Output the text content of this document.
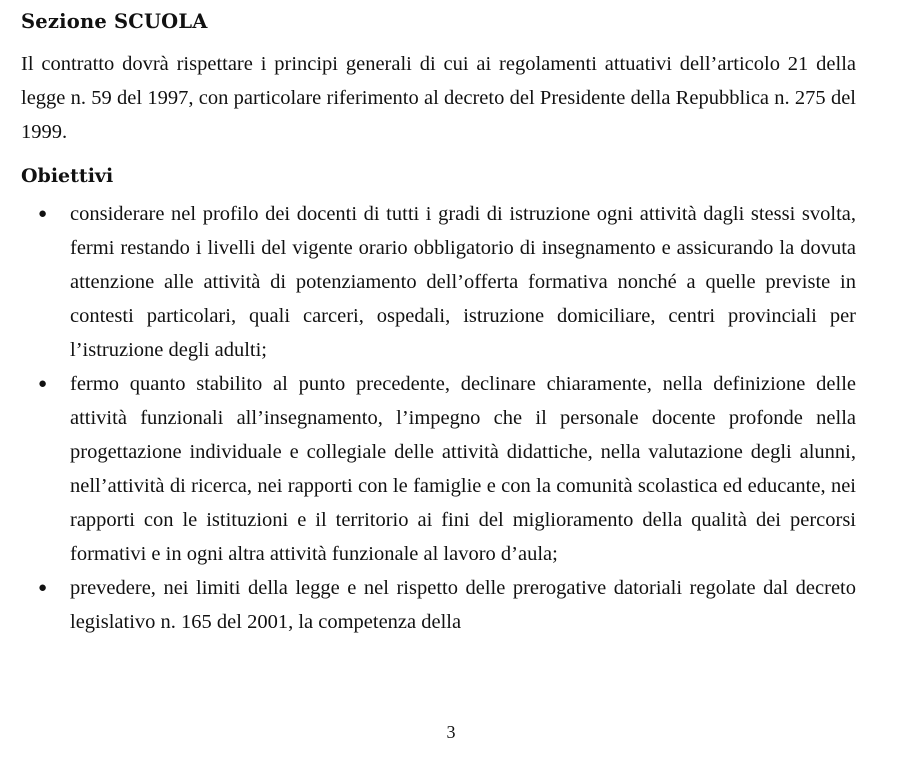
Sezione SCUOLA

Il contratto dovrà rispettare i principi generali di cui ai regolamenti attuativi dell’articolo 21 della legge n. 59 del 1997, con particolare riferimento al decreto del Presidente della Repubblica n. 275 del 1999.

Obiettivi
● considerare nel profilo dei docenti di tutti i gradi di istruzione ogni attività dagli stessi svolta, fermi restando i livelli del vigente orario obbligatorio di insegnamento e assicurando la dovuta attenzione alle attività di potenziamento dell’offerta formativa nonché a quelle previste in contesti particolari, quali carceri, ospedali, istruzione domiciliare, centri provinciali per l’istruzione degli adulti;
● fermo quanto stabilito al punto precedente, declinare chiaramente, nella definizione delle attività funzionali all’insegnamento, l’impegno che il personale docente profonde nella progettazione individuale e collegiale delle attività didattiche, nella valutazione degli alunni, nell’attività di ricerca, nei rapporti con le famiglie e con la comunità scolastica ed educante, nei rapporti con le istituzioni e il territorio ai fini del miglioramento della qualità dei percorsi formativi e in ogni altra attività funzionale al lavoro d’aula;
● prevedere, nei limiti della legge e nel rispetto delle prerogative datoriali regolate dal decreto legislativo n. 165 del 2001, la competenza della
3
